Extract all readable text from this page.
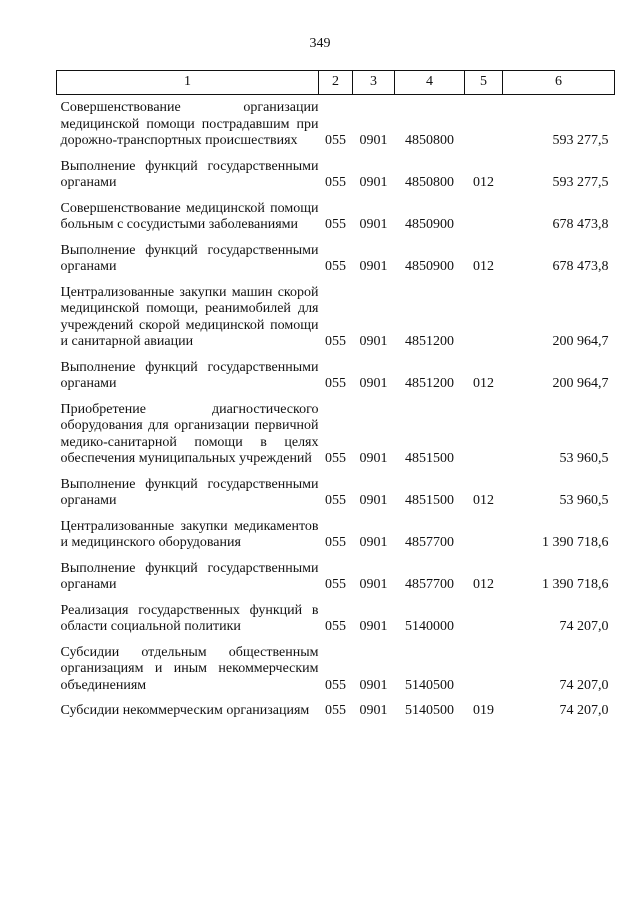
349
1	2	3	4	5	6
Совершенствование организации медицинской помощи пострадавшим при дорожно-транспортных происшествиях	055	0901	4850800		593 277,5
Выполнение функций государственными органами	055	0901	4850800	012	593 277,5
Совершенствование медицинской помощи больным с сосудистыми заболеваниями	055	0901	4850900		678 473,8
Выполнение функций государственными органами	055	0901	4850900	012	678 473,8
Централизованные закупки машин скорой медицинской помощи, реанимобилей для учреждений скорой медицинской помощи и санитарной авиации	055	0901	4851200		200 964,7
Выполнение функций государственными органами	055	0901	4851200	012	200 964,7
Приобретение диагностического оборудования для организации первичной медико-санитарной помощи в целях обеспечения муниципальных учреждений	055	0901	4851500		53 960,5
Выполнение функций государственными органами	055	0901	4851500	012	53 960,5
Централизованные закупки медикаментов и медицинского оборудования	055	0901	4857700		1 390 718,6
Выполнение функций государственными органами	055	0901	4857700	012	1 390 718,6
Реализация государственных функций в области социальной политики	055	0901	5140000		74 207,0
Субсидии отдельным общественным организациям и иным некоммерческим объединениям	055	0901	5140500		74 207,0
Субсидии некоммерческим организациям	055	0901	5140500	019	74 207,0
